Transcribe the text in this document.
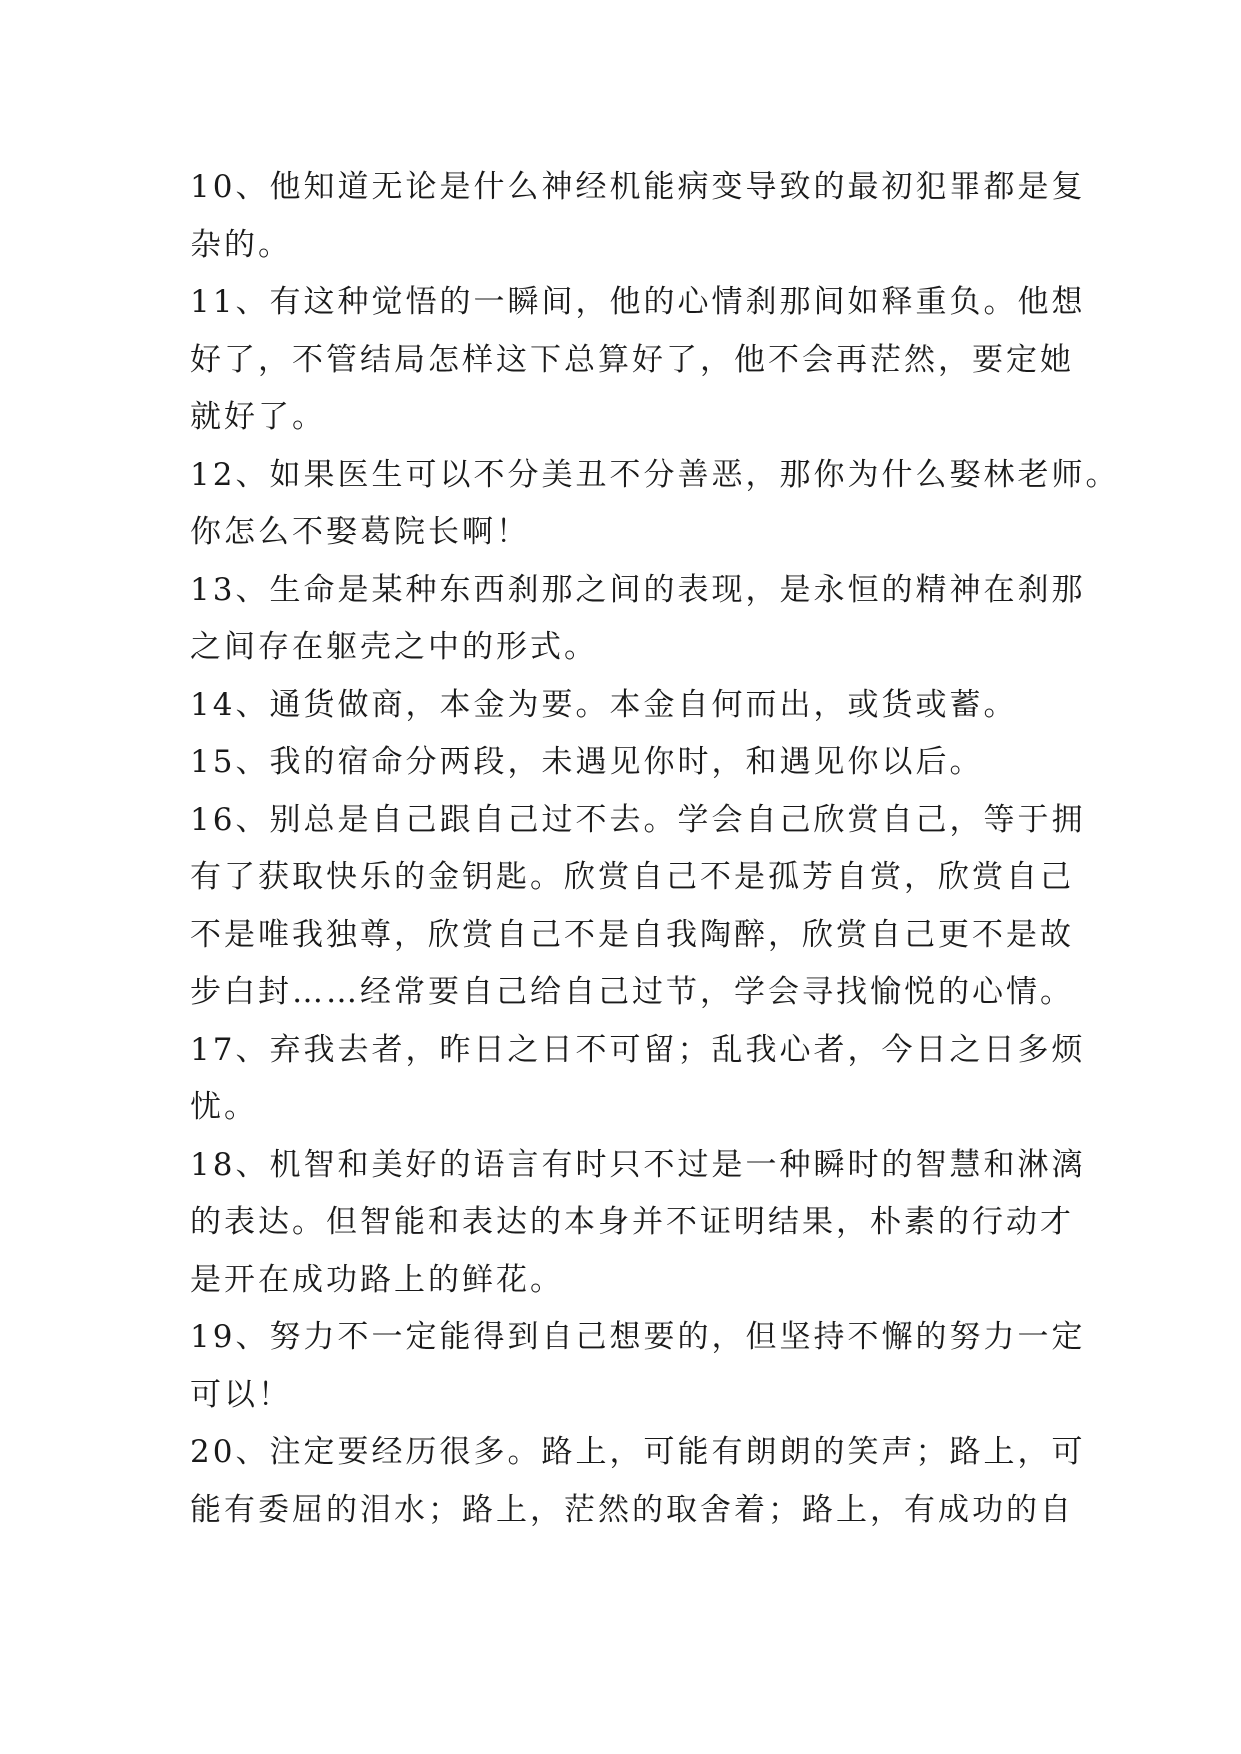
10、他知道无论是什么神经机能病变导致的最初犯罪都是复
杂的。
11、有这种觉悟的一瞬间，他的心情刹那间如释重负。他想
好了，不管结局怎样这下总算好了，他不会再茫然，要定她
就好了。
12、如果医生可以不分美丑不分善恶，那你为什么娶林老师。
你怎么不娶葛院长啊！
13、生命是某种东西刹那之间的表现，是永恒的精神在刹那
之间存在躯壳之中的形式。
14、通货做商，本金为要。本金自何而出，或货或蓄。
15、我的宿命分两段，未遇见你时，和遇见你以后。
16、别总是自己跟自己过不去。学会自己欣赏自己，等于拥
有了获取快乐的金钥匙。欣赏自己不是孤芳自赏，欣赏自己
不是唯我独尊，欣赏自己不是自我陶醉，欣赏自己更不是故
步白封……经常要自己给自己过节，学会寻找愉悦的心情。
17、弃我去者，昨日之日不可留；乱我心者，今日之日多烦
忧。
18、机智和美好的语言有时只不过是一种瞬时的智慧和淋漓
的表达。但智能和表达的本身并不证明结果，朴素的行动才
是开在成功路上的鲜花。
19、努力不一定能得到自己想要的，但坚持不懈的努力一定
可以！
20、注定要经历很多。路上，可能有朗朗的笑声；路上，可
能有委屈的泪水；路上，茫然的取舍着；路上，有成功的自
